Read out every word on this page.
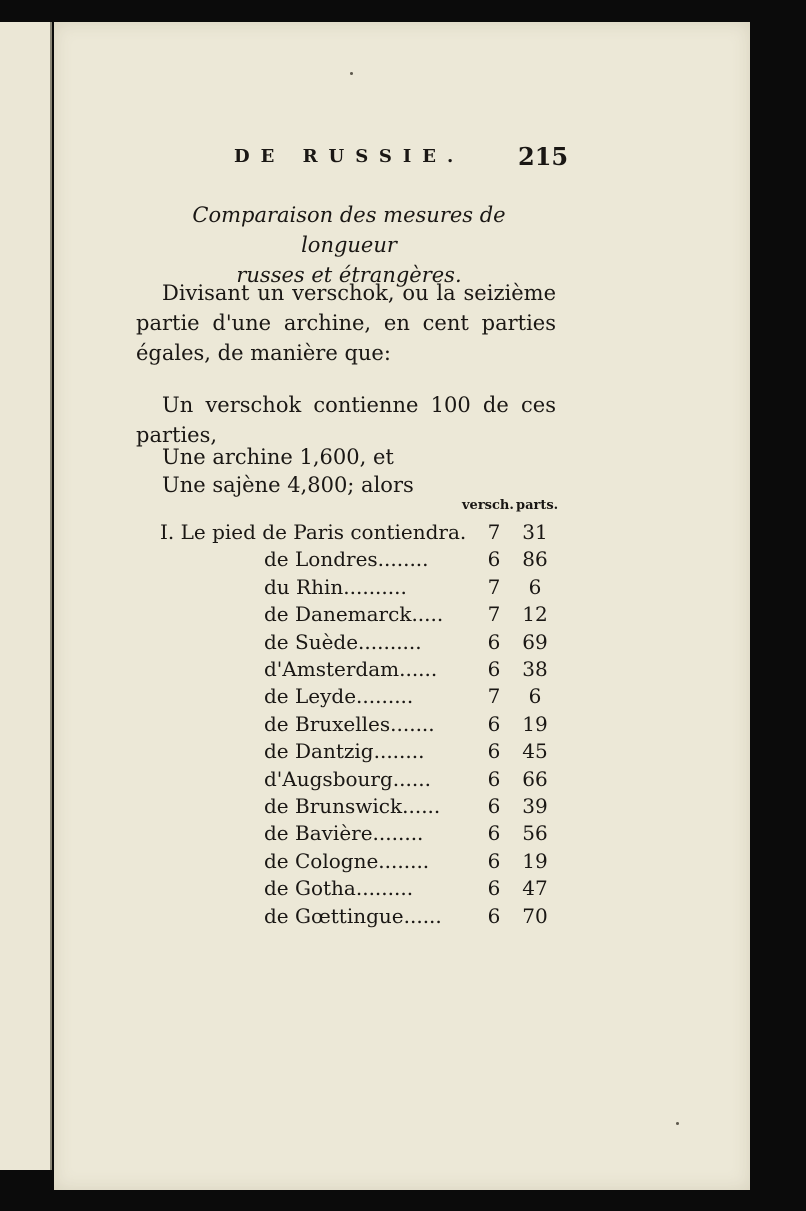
DE RUSSIE.	215
Comparaison des mesures de longueur
russes et étrangères.
Divisant un verschok, ou la seizième partie d'une archine, en cent parties égales, de manière que:
Un verschok contienne 100 de ces parties,
Une archine 1,600, et
Une sajène 4,800; alors
versch. parts.
I. Le pied de Paris contiendra. 7 31
de Londres........	6 86
du Rhin..........	7	6
de Danemarck..... 7 12
de Suède..........	6 69
d'Amsterdam......	6 38
de Leyde.........	7	6
de Bruxelles.......	6 19
de Dantzig........	6 45
d'Augsbourg......	6 66
de Brunswick...... 6 39
de Bavière........	6 56
de Cologne........	6 19
de Gotha.........	6 47
de Gœttingue...... 6 70
